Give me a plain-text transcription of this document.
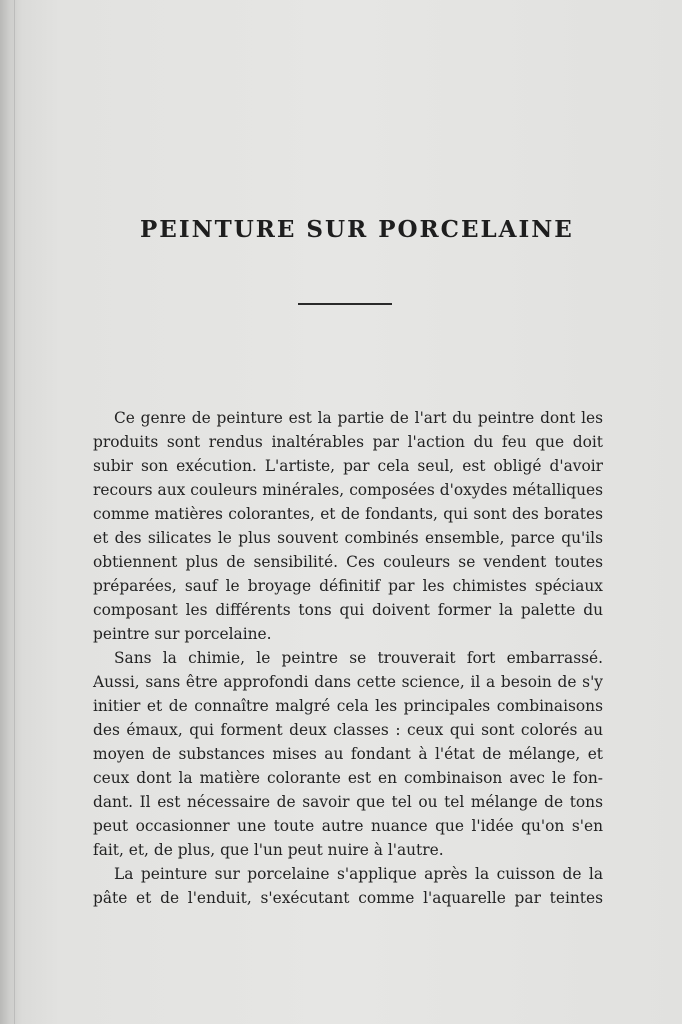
PEINTURE SUR PORCELAINE

Ce genre de peinture est la partie de l'art du peintre dont les
produits sont rendus inaltérables par l'action du feu que doit
subir son exécution. L'artiste, par cela seul, est obligé d'avoir
recours aux couleurs minérales, composées d'oxydes métalliques
comme matières colorantes, et de fondants, qui sont des borates
et des silicates le plus souvent combinés ensemble, parce qu'ils
obtiennent plus de sensibilité. Ces couleurs se vendent toutes
préparées, sauf le broyage définitif par les chimistes spéciaux
composant les différents tons qui doivent former la palette du
peintre sur porcelaine.

Sans la chimie, le peintre se trouverait fort embarrassé.
Aussi, sans être approfondi dans cette science, il a besoin de s'y
initier et de connaître malgré cela les principales combinaisons
des émaux, qui forment deux classes : ceux qui sont colorés au
moyen de substances mises au fondant à l'état de mélange, et
ceux dont la matière colorante est en combinaison avec le fon-
dant. Il est nécessaire de savoir que tel ou tel mélange de tons
peut occasionner une toute autre nuance que l'idée qu'on s'en
fait, et, de plus, que l'un peut nuire à l'autre.

La peinture sur porcelaine s'applique après la cuisson de la
pâte et de l'enduit, s'exécutant comme l'aquarelle par teintes
